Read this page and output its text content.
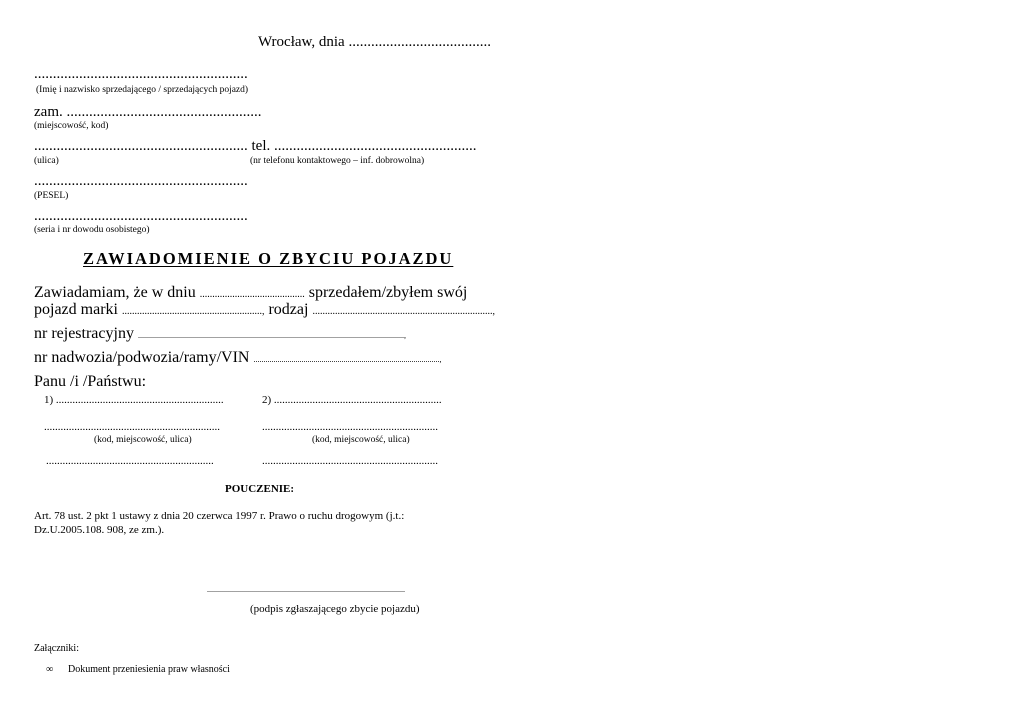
Wrocław, dnia ......................................
.........................................................
(Imię i nazwisko sprzedającego / sprzedających pojazd)
zam. ....................................................
(miejscowość, kod)
......................................................... tel. ......................................................
(ulica)	(nr telefonu kontaktowego – inf. dobrowolna)
.........................................................
(PESEL)
.........................................................
(seria i nr dowodu osobistego)
ZAWIADOMIENIE O ZBYCIU POJAZDU
Zawiadamiam, że w dniu .......................................... sprzedałem/zbyłem swój
pojazd marki ........................................................, rodzaj ........................................................................,
nr rejestracyjny .....................................................................................................................................,
nr nadwozia/podwozia/ramy/VIN .............................................................................................,
Panu /i /Państwu:
1) .............................................................	2) .............................................................
................................................................	................................................................
(kod, miejscowość, ulica)	(kod, miejscowość, ulica)
.............................................................	................................................................
POUCZENIE:
Art. 78 ust. 2 pkt 1 ustawy z dnia 20 czerwca 1997 r. Prawo o ruchu drogowym (j.t.:
Dz.U.2005.108. 908, ze zm.).
...................................................................................................
(podpis zgłaszającego zbycie pojazdu)
Załączniki:
∞ Dokument przeniesienia praw własności
